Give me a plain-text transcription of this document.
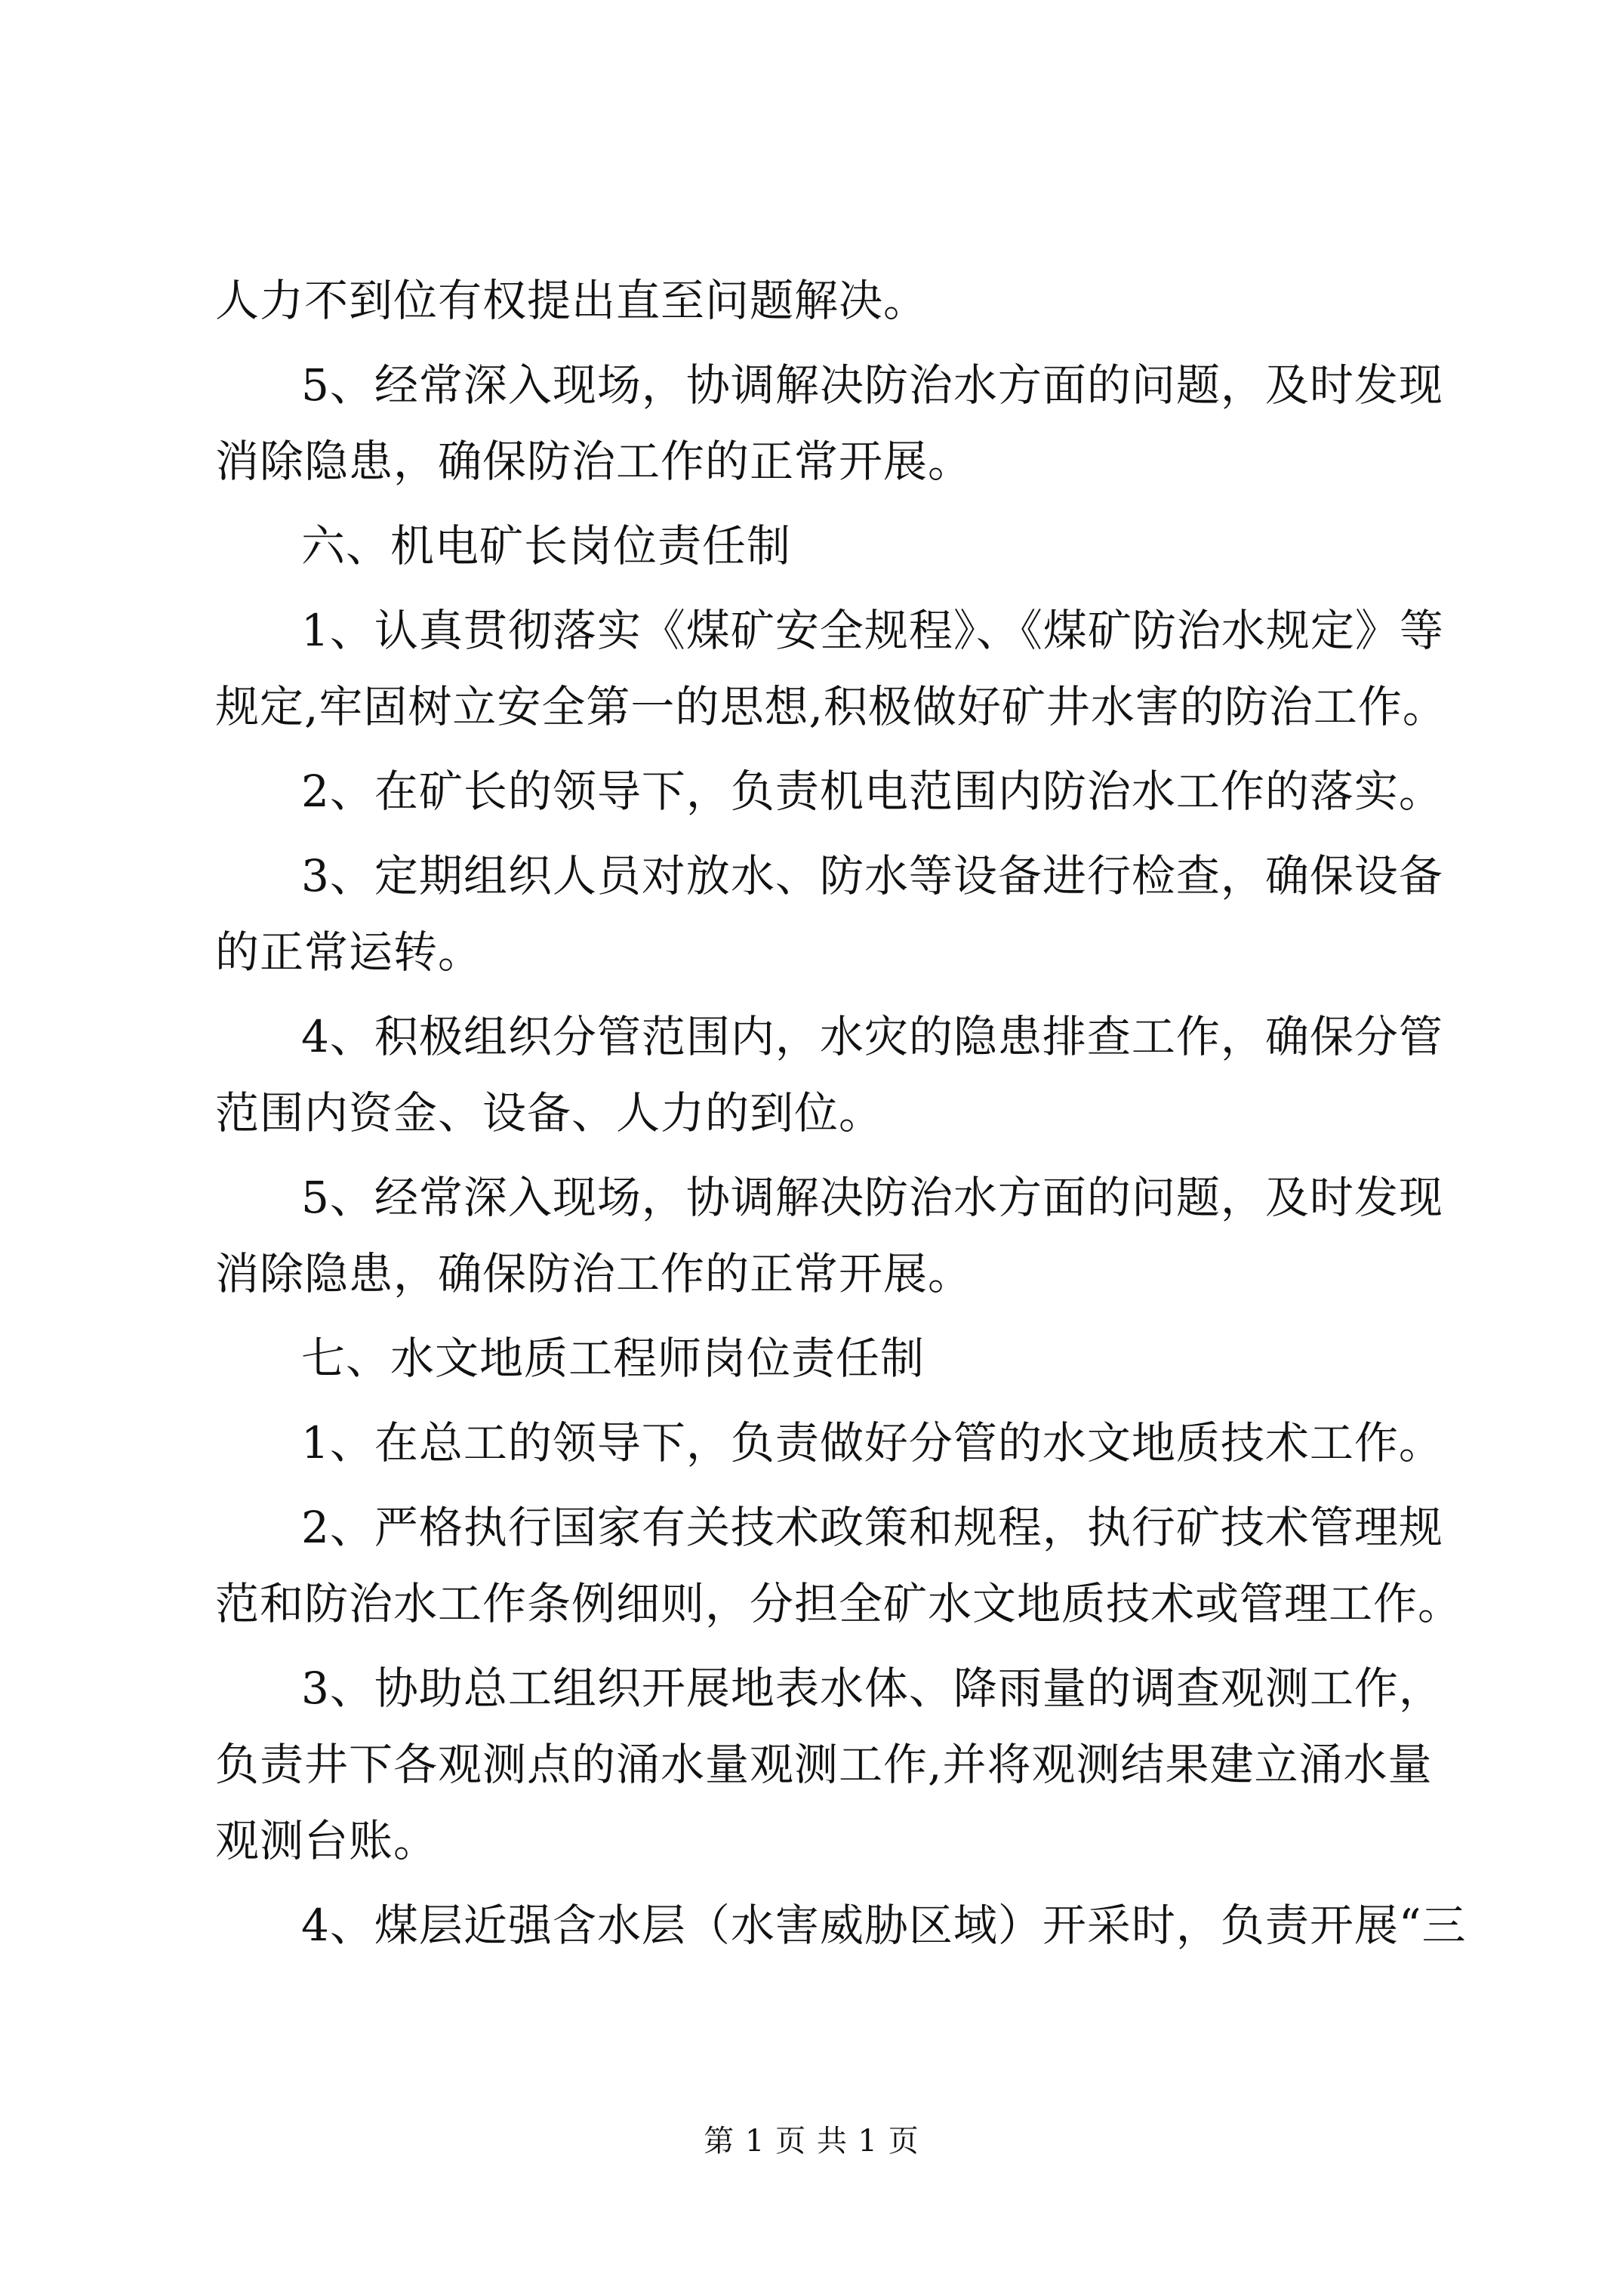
人力不到位有权提出直至问题解决。

5、经常深入现场，协调解决防治水方面的问题，及时发现
消除隐患，确保防治工作的正常开展。

六、机电矿长岗位责任制

1、认真贯彻落实《煤矿安全规程》、《煤矿防治水规定》等
规定,牢固树立安全第一的思想,积极做好矿井水害的防治工作。

2、在矿长的领导下，负责机电范围内防治水工作的落实。

3、定期组织人员对放水、防水等设备进行检查，确保设备
的正常运转。

4、积极组织分管范围内，水灾的隐患排查工作，确保分管
范围内资金、设备、人力的到位。

5、经常深入现场，协调解决防治水方面的问题，及时发现
消除隐患，确保防治工作的正常开展。

七、水文地质工程师岗位责任制

1、在总工的领导下，负责做好分管的水文地质技术工作。

2、严格执行国家有关技术政策和规程，执行矿技术管理规
范和防治水工作条例细则，分担全矿水文地质技术或管理工作。

3、协助总工组织开展地表水体、降雨量的调查观测工作，
负责井下各观测点的涌水量观测工作,并将观测结果建立涌水量
观测台账。

4、煤层近强含水层（水害威胁区域）开采时，负责开展“三

第 1 页 共 1 页
